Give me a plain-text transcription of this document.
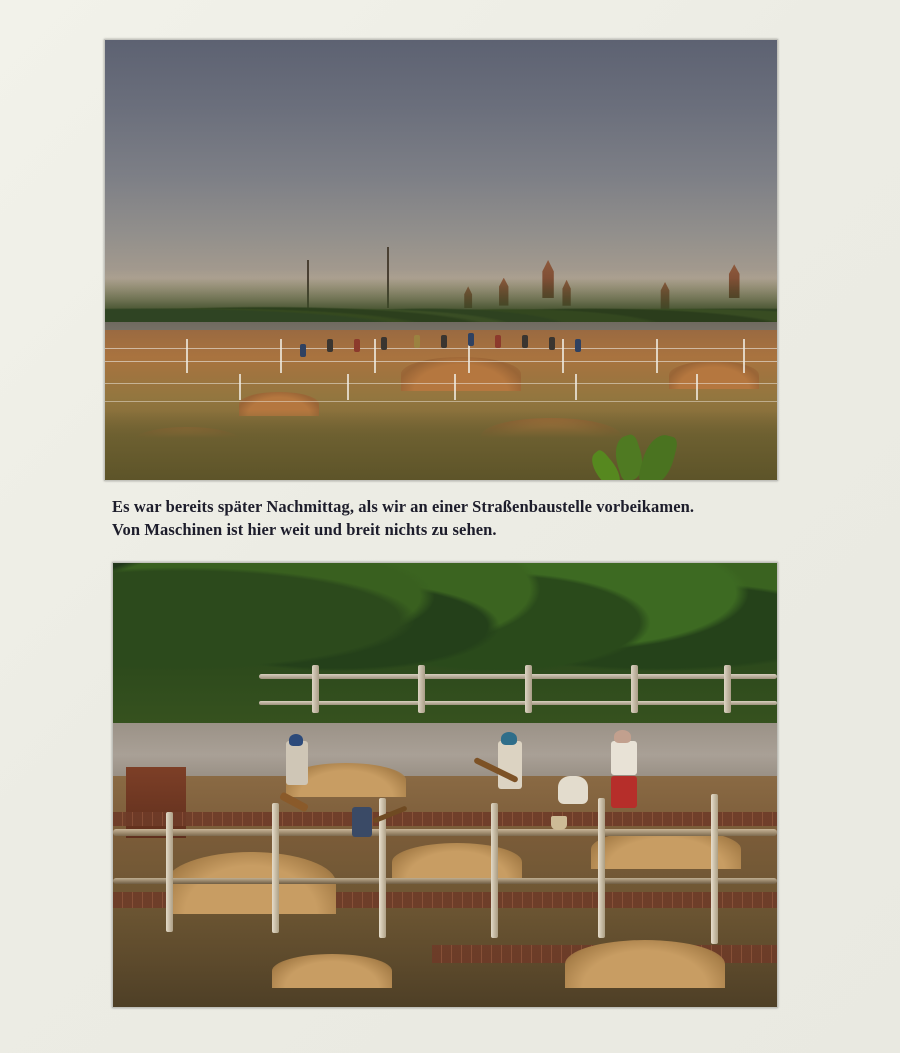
Es war bereits später Nachmittag, als wir an einer Straßenbaustelle vorbeikamen.
Von Maschinen ist hier weit und breit nichts zu sehen.
